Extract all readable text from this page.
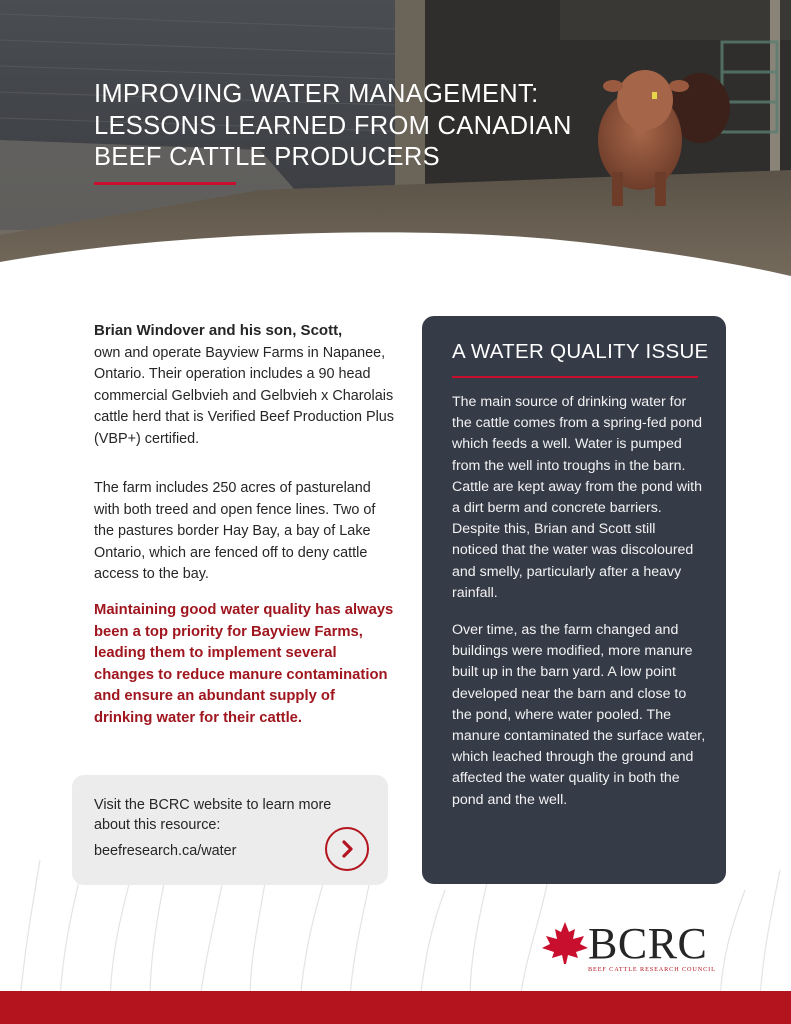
IMPROVING WATER MANAGEMENT:
LESSONS LEARNED FROM CANADIAN
BEEF CATTLE PRODUCERS
Brian Windover and his son, Scott,
own and operate Bayview Farms in Napanee, Ontario. Their operation includes a 90 head commercial Gelbvieh and Gelbvieh x Charolais cattle herd that is Verified Beef Production Plus (VBP+) certified.
The farm includes 250 acres of pastureland with both treed and open fence lines. Two of the pastures border Hay Bay, a bay of Lake Ontario, which are fenced off to deny cattle access to the bay.
Maintaining good water quality has always been a top priority for Bayview Farms, leading them to implement several changes to reduce manure contamination and ensure an abundant supply of drinking water for their cattle.
Visit the BCRC website to learn more about this resource:
beefresearch.ca/water
A WATER QUALITY ISSUE
The main source of drinking water for the cattle comes from a spring-fed pond which feeds a well. Water is pumped from the well into troughs in the barn. Cattle are kept away from the pond with a dirt berm and concrete barriers. Despite this, Brian and Scott still noticed that the water was discoloured and smelly, particularly after a heavy rainfall.
Over time, as the farm changed and buildings were modified, more manure built up in the barn yard. A low point developed near the barn and close to the pond, where water pooled. The manure contaminated the surface water, which leached through the ground and affected the water quality in both the pond and the well.
BCRC
BEEF CATTLE RESEARCH COUNCIL
